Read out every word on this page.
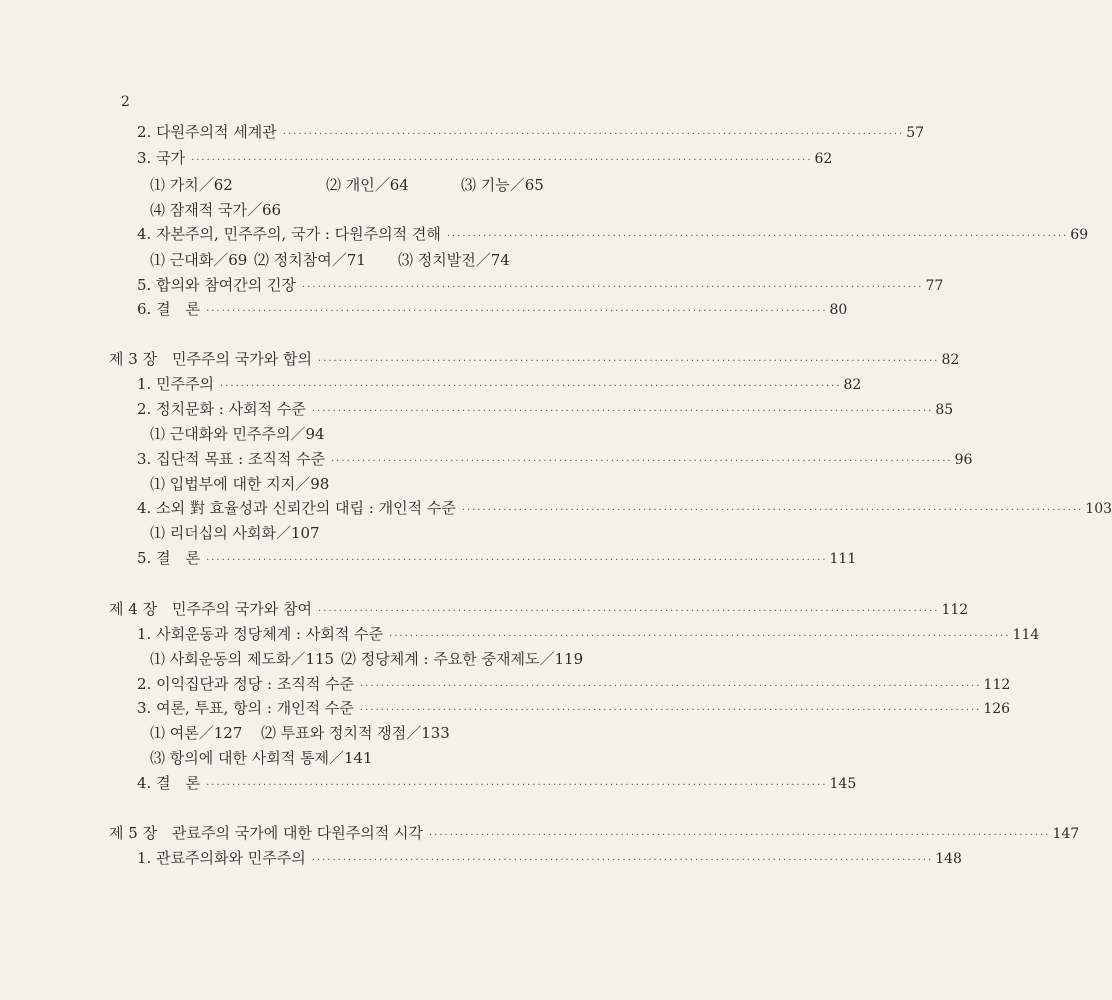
2
2. 다원주의적 세계관 ························································································································ 57
3. 국가 ························································································································ 62
⑴ 가치／62	⑵ 개인／64	⑶ 기능／65
⑷ 잠재적 국가／66
4. 자본주의, 민주주의, 국가 : 다원주의적 견해 ························································································································ 69
⑴ 근대화／69 ⑵ 정치참여／71 ⑶ 정치발전／74
5. 합의와 참여간의 긴장 ························································································································ 77
6. 결　론 ························································································································ 80
제 3 장　민주주의 국가와 합의 ························································································································ 82
1. 민주주의 ························································································································ 82
2. 정치문화 : 사회적 수준 ························································································································ 85
⑴ 근대화와 민주주의／94
3. 집단적 목표 : 조직적 수준 ························································································································ 96
⑴ 입법부에 대한 지지／98
4. 소외 對 효율성과 신뢰간의 대립 : 개인적 수준 ························································································································ 103
⑴ 리더십의 사회화／107
5. 결　론 ························································································································ 111
제 4 장　민주주의 국가와 참여 ························································································································ 112
1. 사회운동과 정당체계 : 사회적 수준 ························································································································ 114
⑴ 사회운동의 제도화／115 ⑵ 정당체계 : 주요한 중재제도／119
2. 이익집단과 정당 : 조직적 수준 ························································································································ 112
3. 여론, 투표, 항의 : 개인적 수준 ························································································································ 126
⑴ 여론／127 ⑵ 투표와 정치적 쟁점／133
⑶ 항의에 대한 사회적 통제／141
4. 결　론 ························································································································ 145
제 5 장　관료주의 국가에 대한 다원주의적 시각 ························································································································ 147
1. 관료주의화와 민주주의 ························································································································ 148
